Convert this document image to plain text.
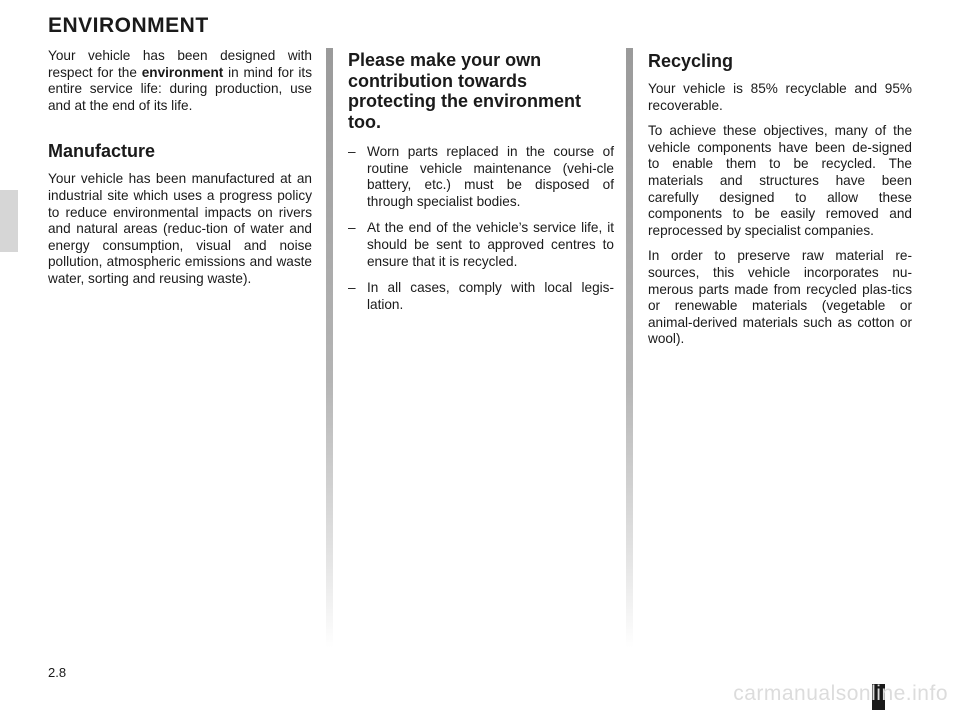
ENVIRONMENT

Your vehicle has been designed with respect for the environment in mind for its entire service life: during production, use and at the end of its life.

Manufacture

Your vehicle has been manufactured at an industrial site which uses a progress policy to reduce environmental impacts on rivers and natural areas (reduc-tion of water and energy consumption, visual and noise pollution, atmospheric emissions and waste water, sorting and reusing waste).

Please make your own contribution towards protecting the environment too.
– Worn parts replaced in the course of routine vehicle maintenance (vehi-cle battery, etc.) must be disposed of through specialist bodies.
– At the end of the vehicle’s service life, it should be sent to approved centres to ensure that it is recycled.
– In all cases, comply with local legis-lation.
Recycling

Your vehicle is 85% recyclable and 95% recoverable.

To achieve these objectives, many of the vehicle components have been de-signed to enable them to be recycled. The materials and structures have been carefully designed to allow these components to be easily removed and reprocessed by specialist companies.

In order to preserve raw material re-sources, this vehicle incorporates nu-merous parts made from recycled plas-tics or renewable materials (vegetable or animal-derived materials such as cotton or wool).

2.8
carmanualsonline.info
